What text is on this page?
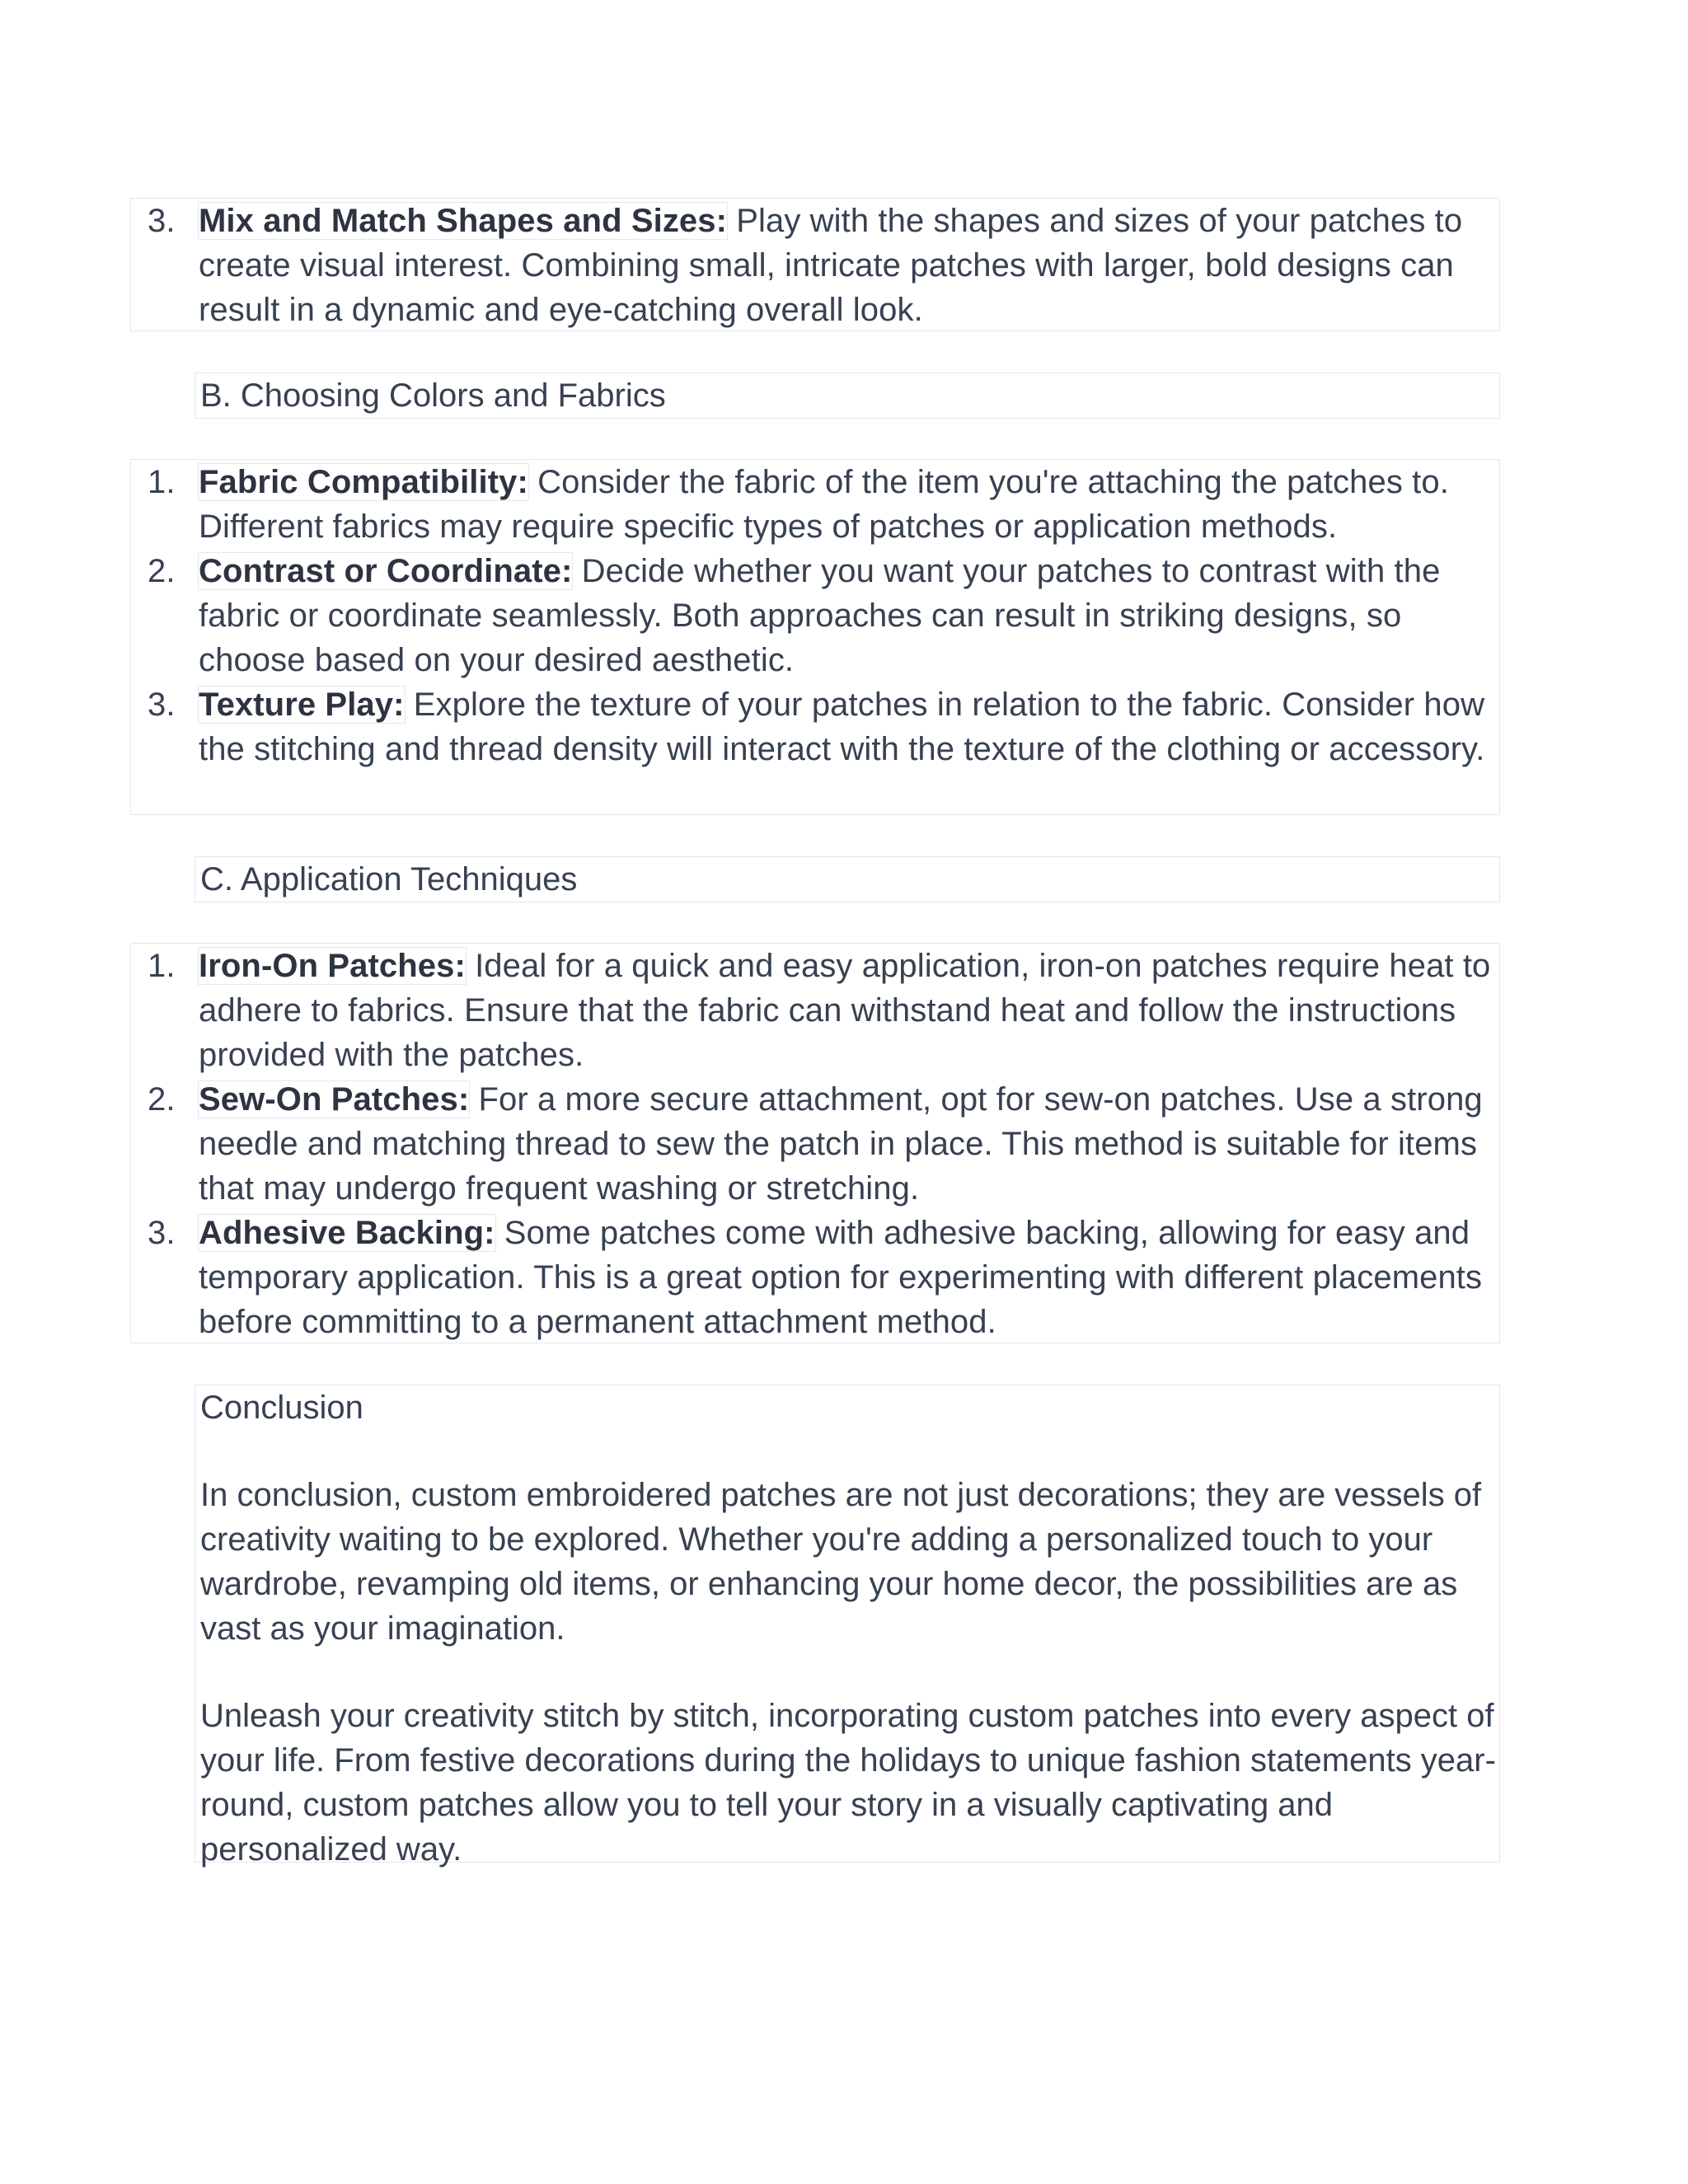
3. Mix and Match Shapes and Sizes: Play with the shapes and sizes of your patches to create visual interest. Combining small, intricate patches with larger, bold designs can result in a dynamic and eye-catching overall look.
B. Choosing Colors and Fabrics
1. Fabric Compatibility: Consider the fabric of the item you're attaching the patches to. Different fabrics may require specific types of patches or application methods.
2. Contrast or Coordinate: Decide whether you want your patches to contrast with the fabric or coordinate seamlessly. Both approaches can result in striking designs, so choose based on your desired aesthetic.
3. Texture Play: Explore the texture of your patches in relation to the fabric. Consider how the stitching and thread density will interact with the texture of the clothing or accessory.
C. Application Techniques
1. Iron-On Patches: Ideal for a quick and easy application, iron-on patches require heat to adhere to fabrics. Ensure that the fabric can withstand heat and follow the instructions provided with the patches.
2. Sew-On Patches: For a more secure attachment, opt for sew-on patches. Use a strong needle and matching thread to sew the patch in place. This method is suitable for items that may undergo frequent washing or stretching.
3. Adhesive Backing: Some patches come with adhesive backing, allowing for easy and temporary application. This is a great option for experimenting with different placements before committing to a permanent attachment method.

Conclusion

In conclusion, custom embroidered patches are not just decorations; they are vessels of creativity waiting to be explored. Whether you're adding a personalized touch to your wardrobe, revamping old items, or enhancing your home decor, the possibilities are as vast as your imagination.

Unleash your creativity stitch by stitch, incorporating custom patches into every aspect of your life. From festive decorations during the holidays to unique fashion statements year-round, custom patches allow you to tell your story in a visually captivating and personalized way.
